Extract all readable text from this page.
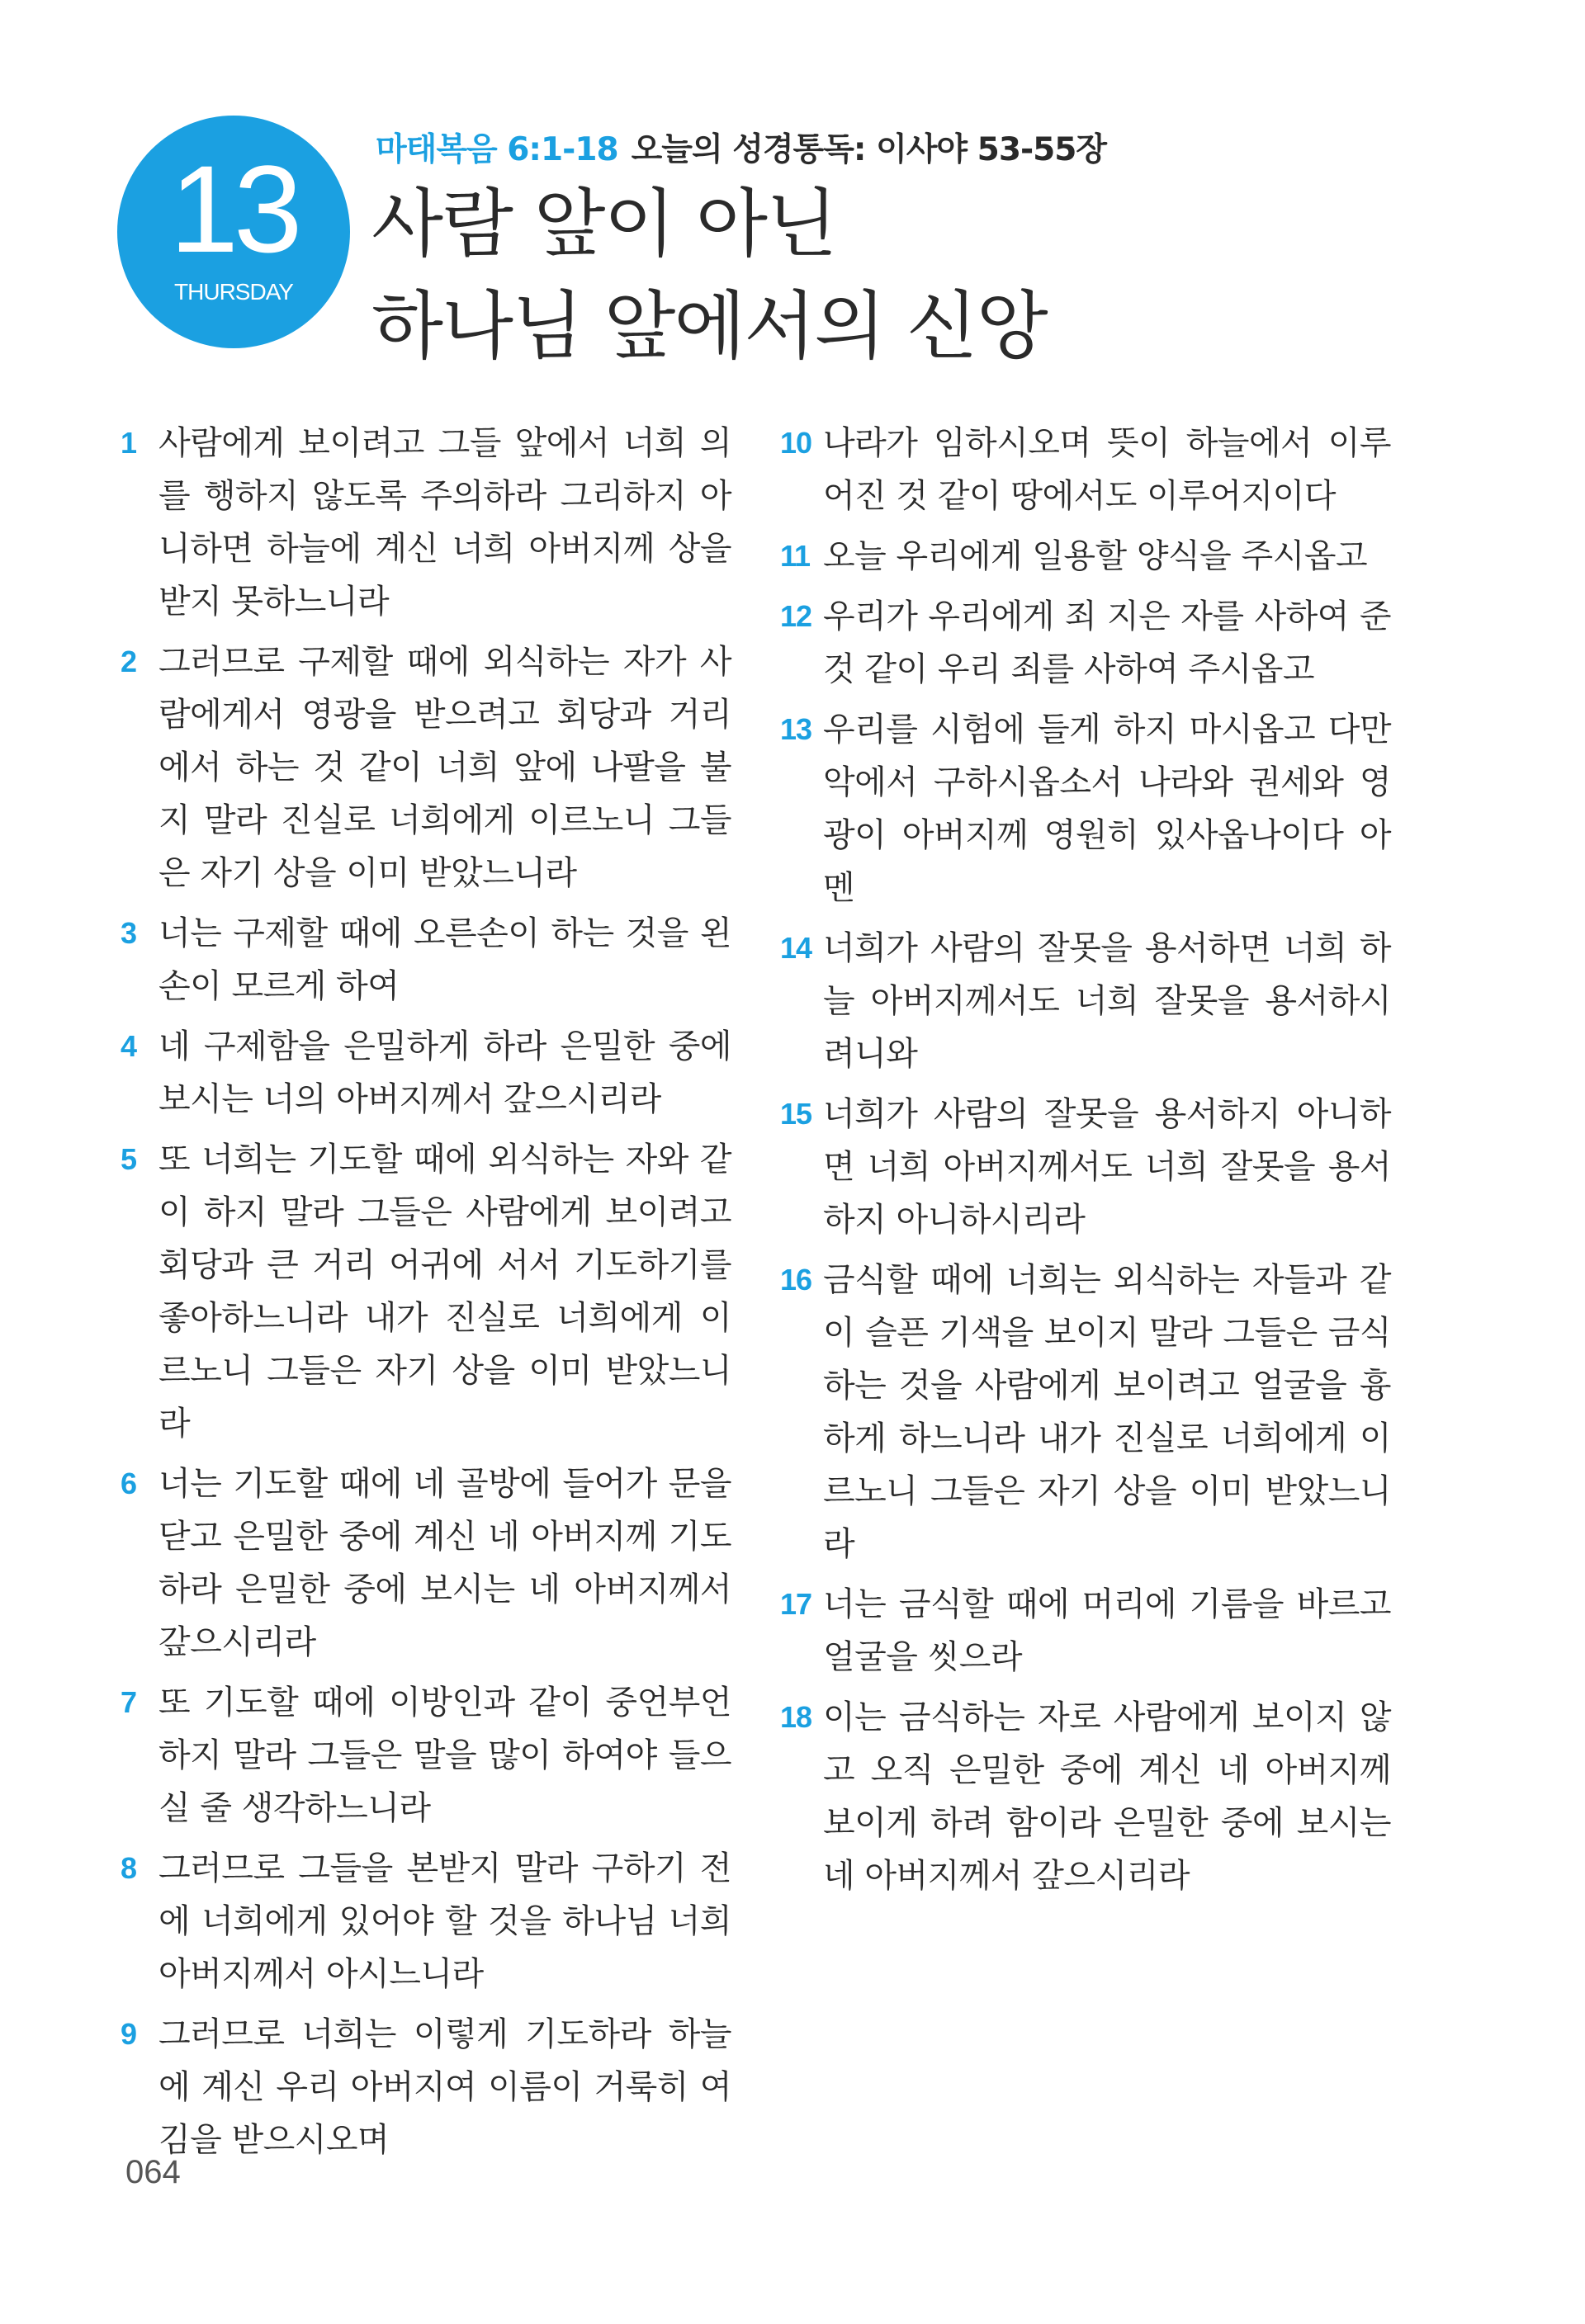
13
THURSDAY
마태복음 6:1-18 오늘의 성경통독: 이사야 53-55장
사람 앞이 아닌
하나님 앞에서의 신앙
1 사람에게 보이려고 그들 앞에서 너희 의를 행하지 않도록 주의하라 그리하지 아니하면 하늘에 계신 너희 아버지께 상을 받지 못하느니라
2 그러므로 구제할 때에 외식하는 자가 사람에게서 영광을 받으려고 회당과 거리에서 하는 것 같이 너희 앞에 나팔을 불지 말라 진실로 너희에게 이르노니 그들은 자기 상을 이미 받았느니라
3 너는 구제할 때에 오른손이 하는 것을 왼손이 모르게 하여
4 네 구제함을 은밀하게 하라 은밀한 중에 보시는 너의 아버지께서 갚으시리라
5 또 너희는 기도할 때에 외식하는 자와 같이 하지 말라 그들은 사람에게 보이려고 회당과 큰 거리 어귀에 서서 기도하기를 좋아하느니라 내가 진실로 너희에게 이르노니 그들은 자기 상을 이미 받았느니라
6 너는 기도할 때에 네 골방에 들어가 문을 닫고 은밀한 중에 계신 네 아버지께 기도하라 은밀한 중에 보시는 네 아버지께서 갚으시리라
7 또 기도할 때에 이방인과 같이 중언부언하지 말라 그들은 말을 많이 하여야 들으실 줄 생각하느니라
8 그러므로 그들을 본받지 말라 구하기 전에 너희에게 있어야 할 것을 하나님 너희 아버지께서 아시느니라
9 그러므로 너희는 이렇게 기도하라 하늘에 계신 우리 아버지여 이름이 거룩히 여김을 받으시오며
10 나라가 임하시오며 뜻이 하늘에서 이루어진 것 같이 땅에서도 이루어지이다
11 오늘 우리에게 일용할 양식을 주시옵고
12 우리가 우리에게 죄 지은 자를 사하여 준 것 같이 우리 죄를 사하여 주시옵고
13 우리를 시험에 들게 하지 마시옵고 다만 악에서 구하시옵소서 나라와 권세와 영광이 아버지께 영원히 있사옵나이다 아멘
14 너희가 사람의 잘못을 용서하면 너희 하늘 아버지께서도 너희 잘못을 용서하시려니와
15 너희가 사람의 잘못을 용서하지 아니하면 너희 아버지께서도 너희 잘못을 용서하지 아니하시리라
16 금식할 때에 너희는 외식하는 자들과 같이 슬픈 기색을 보이지 말라 그들은 금식하는 것을 사람에게 보이려고 얼굴을 흉하게 하느니라 내가 진실로 너희에게 이르노니 그들은 자기 상을 이미 받았느니라
17 너는 금식할 때에 머리에 기름을 바르고 얼굴을 씻으라
18 이는 금식하는 자로 사람에게 보이지 않고 오직 은밀한 중에 계신 네 아버지께 보이게 하려 함이라 은밀한 중에 보시는 네 아버지께서 갚으시리라
064
